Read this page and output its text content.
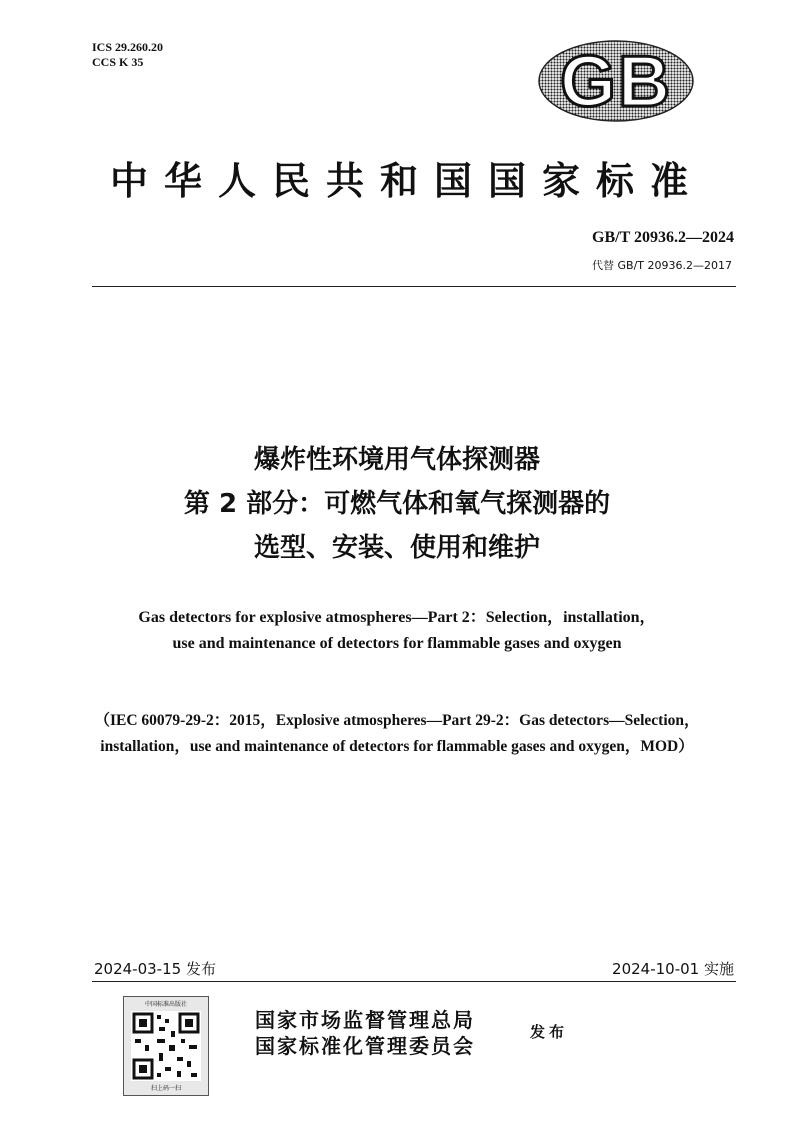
ICS 29.260.20
CCS K 35	GB
中华人民共和国国家标准
GB/T 20936.2—2024
代替 GB/T 20936.2—2017
爆炸性环境用气体探测器
第 2 部分：可燃气体和氧气探测器的
选型、安装、使用和维护
Gas detectors for explosive atmospheres—Part 2：Selection，installation，
use and maintenance of detectors for flammable gases and oxygen
（IEC 60079-29-2：2015，Explosive atmospheres—Part 29-2：Gas detectors—Selection，
installation，use and maintenance of detectors for flammable gases and oxygen，MOD）
2024-03-15 发布	2024-10-01 实施
中国标准出版社
扫上码一扫
国家市场监督管理总局
国家标准化管理委员会
发布
